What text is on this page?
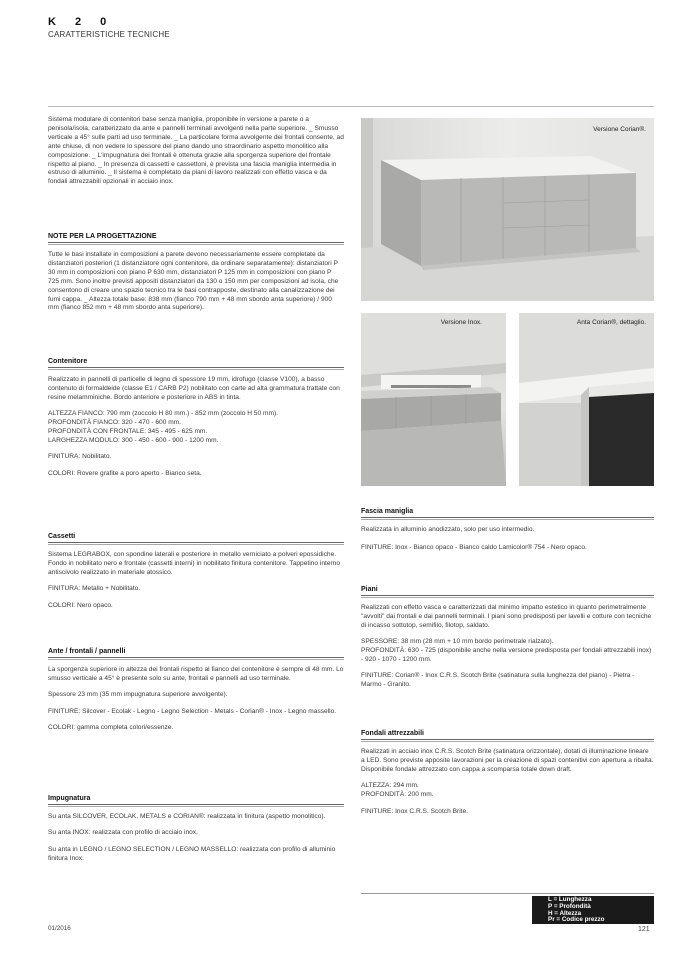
K 2 0
CARATTERISTICHE TECNICHE
Sistema modulare di contenitori base senza maniglia, proponibile in versione a parete o a penisola/isola, caratterizzato da ante e pannelli terminali avvolgenti nella parte superiore. _ Smusso verticale a 45° sulle parti ad uso terminale. _ La particolare forma avvolgente dei frontali consente, ad ante chiuse, di non vedere lo spessore del piano dando uno straordinario aspetto monolitico alla composizione. _ L'impugnatura dei frontali è ottenuta grazie alla sporgenza superiore del frontale rispetto al piano. _ In presenza di cassetti e cassettoni, è prevista una fascia maniglia intermedia in estruso di alluminio. _ Il sistema è completato da piani di lavoro realizzati con effetto vasca e da fondali attrezzabili opzionali in acciaio inox.
NOTE PER LA PROGETTAZIONE
Tutte le basi installate in composizioni a parete devono necessariamente essere completate da distanziatori posteriori (1 distanziatore ogni contenitore, da ordinare separatamente): distanziatori P 30 mm in composizioni con piano P 630 mm, distanziatori P 125 mm in composizioni con piano P 725 mm. Sono inoltre previsti appositi distanziatori da 130 o 150 mm per composizioni ad isola, che consentono di creare uno spazio tecnico tra le basi contrapposte, destinato alla canalizzazione dei fumi cappa. _ Altezza totale base: 838 mm (fianco 790 mm + 48 mm sbordo anta superiore) / 900 mm (fianco 852 mm + 48 mm sbordo anta superiore).
Contenitore

Realizzato in pannelli di particelle di legno di spessore 19 mm, idrofugo (classe V100), a basso contenuto di formaldeide (classe E1 / CARB P2) nobilitato con carte ad alta grammatura trattate con resine melamminiche. Bordo anteriore e posteriore in ABS in tinta.

ALTEZZA FIANCO: 790 mm (zoccolo H 80 mm.) - 852 mm (zoccolo H 50 mm).
PROFONDITÀ FIANCO: 320 - 470 - 600 mm.
PROFONDITÀ CON FRONTALE: 345 - 495 - 625 mm.
LARGHEZZA MODULO: 300 - 450 - 600 - 900 - 1200 mm.

FINITURA: Nobilitato.

COLORI: Rovere grafite a poro aperto - Bianco seta.

Cassetti

Sistema LEGRABOX, con spondine laterali e posteriore in metallo verniciato a polveri epossidiche. Fondo in nobilitato nero e frontale (cassetti interni) in nobilitato finitura contenitore. Tappetino interno antiscivolo realizzato in materiale atossico.

FINITURA: Metallo + Nobilitato.

COLORI: Nero opaco.

Ante / frontali / pannelli

La sporgenza superiore in altezza dei frontali rispetto al fianco del contenitore è sempre di 48 mm. Lo smusso verticale a 45° è presente solo su ante, frontali e pannelli ad uso terminale.

Spessore 23 mm (35 mm impugnatura superiore avvolgente).

FINITURE: Silcover - Ecolak - Legno - Legno Selection - Metals - Corian® - Inox - Legno massello.

COLORI: gamma completa colori/essenze.

Impugnatura

Su anta SILCOVER, ECOLAK, METALS e CORIAN®: realizzata in finitura (aspetto monolitico).

Su anta INOX: realizzata con profilo di acciaio inox.

Su anta in LEGNO / LEGNO SELECTION / LEGNO MASSELLO: realizzata con profilo di alluminio finitura Inox.

Versione Corian®.
Versione Inox.	Anta Corian®, dettaglio.
Fascia maniglia

Realizzata in alluminio anodizzato, solo per uso intermedio.

FINITURE: Inox - Bianco opaco - Bianco caldo Lamicolor® 754 - Nero opaco.

Piani

Realizzati con effetto vasca e caratterizzati dal minimo impatto estetico in quanto perimetralmente "avvolti" dai frontali e dai pannelli terminali. I piani sono predisposti per lavelli e cotture con tecniche di incasso sottotop, semifilo, filotop, saldato.

SPESSORE: 38 mm (28 mm + 10 mm bordo perimetrale rialzato).
PROFONDITÀ: 630 - 725 (disponibile anche nella versione predisposta per fondali attrezzabili inox) - 920 - 1070 - 1200 mm.

FINITURE: Corian® - Inox C.R.S. Scotch Brite (satinatura sulla lunghezza del piano) - Pietra - Marmo - Granito.

Fondali attrezzabili

Realizzati in acciaio inox C.R.S. Scotch Brite (satinatura orizzontale), dotati di illuminazione lineare a LED. Sono previste apposite lavorazioni per la creazione di spazi contenitivi con apertura a ribalta. Disponibile fondale attrezzato con cappa a scomparsa totale down draft.

ALTEZZA: 294 mm.
PROFONDITÀ: 200 mm.

FINITURE: Inox C.R.S. Scotch Brite.

L = Lunghezza
P = Profondità
H = Altezza
Pr = Codice prezzo
01/2016	121
